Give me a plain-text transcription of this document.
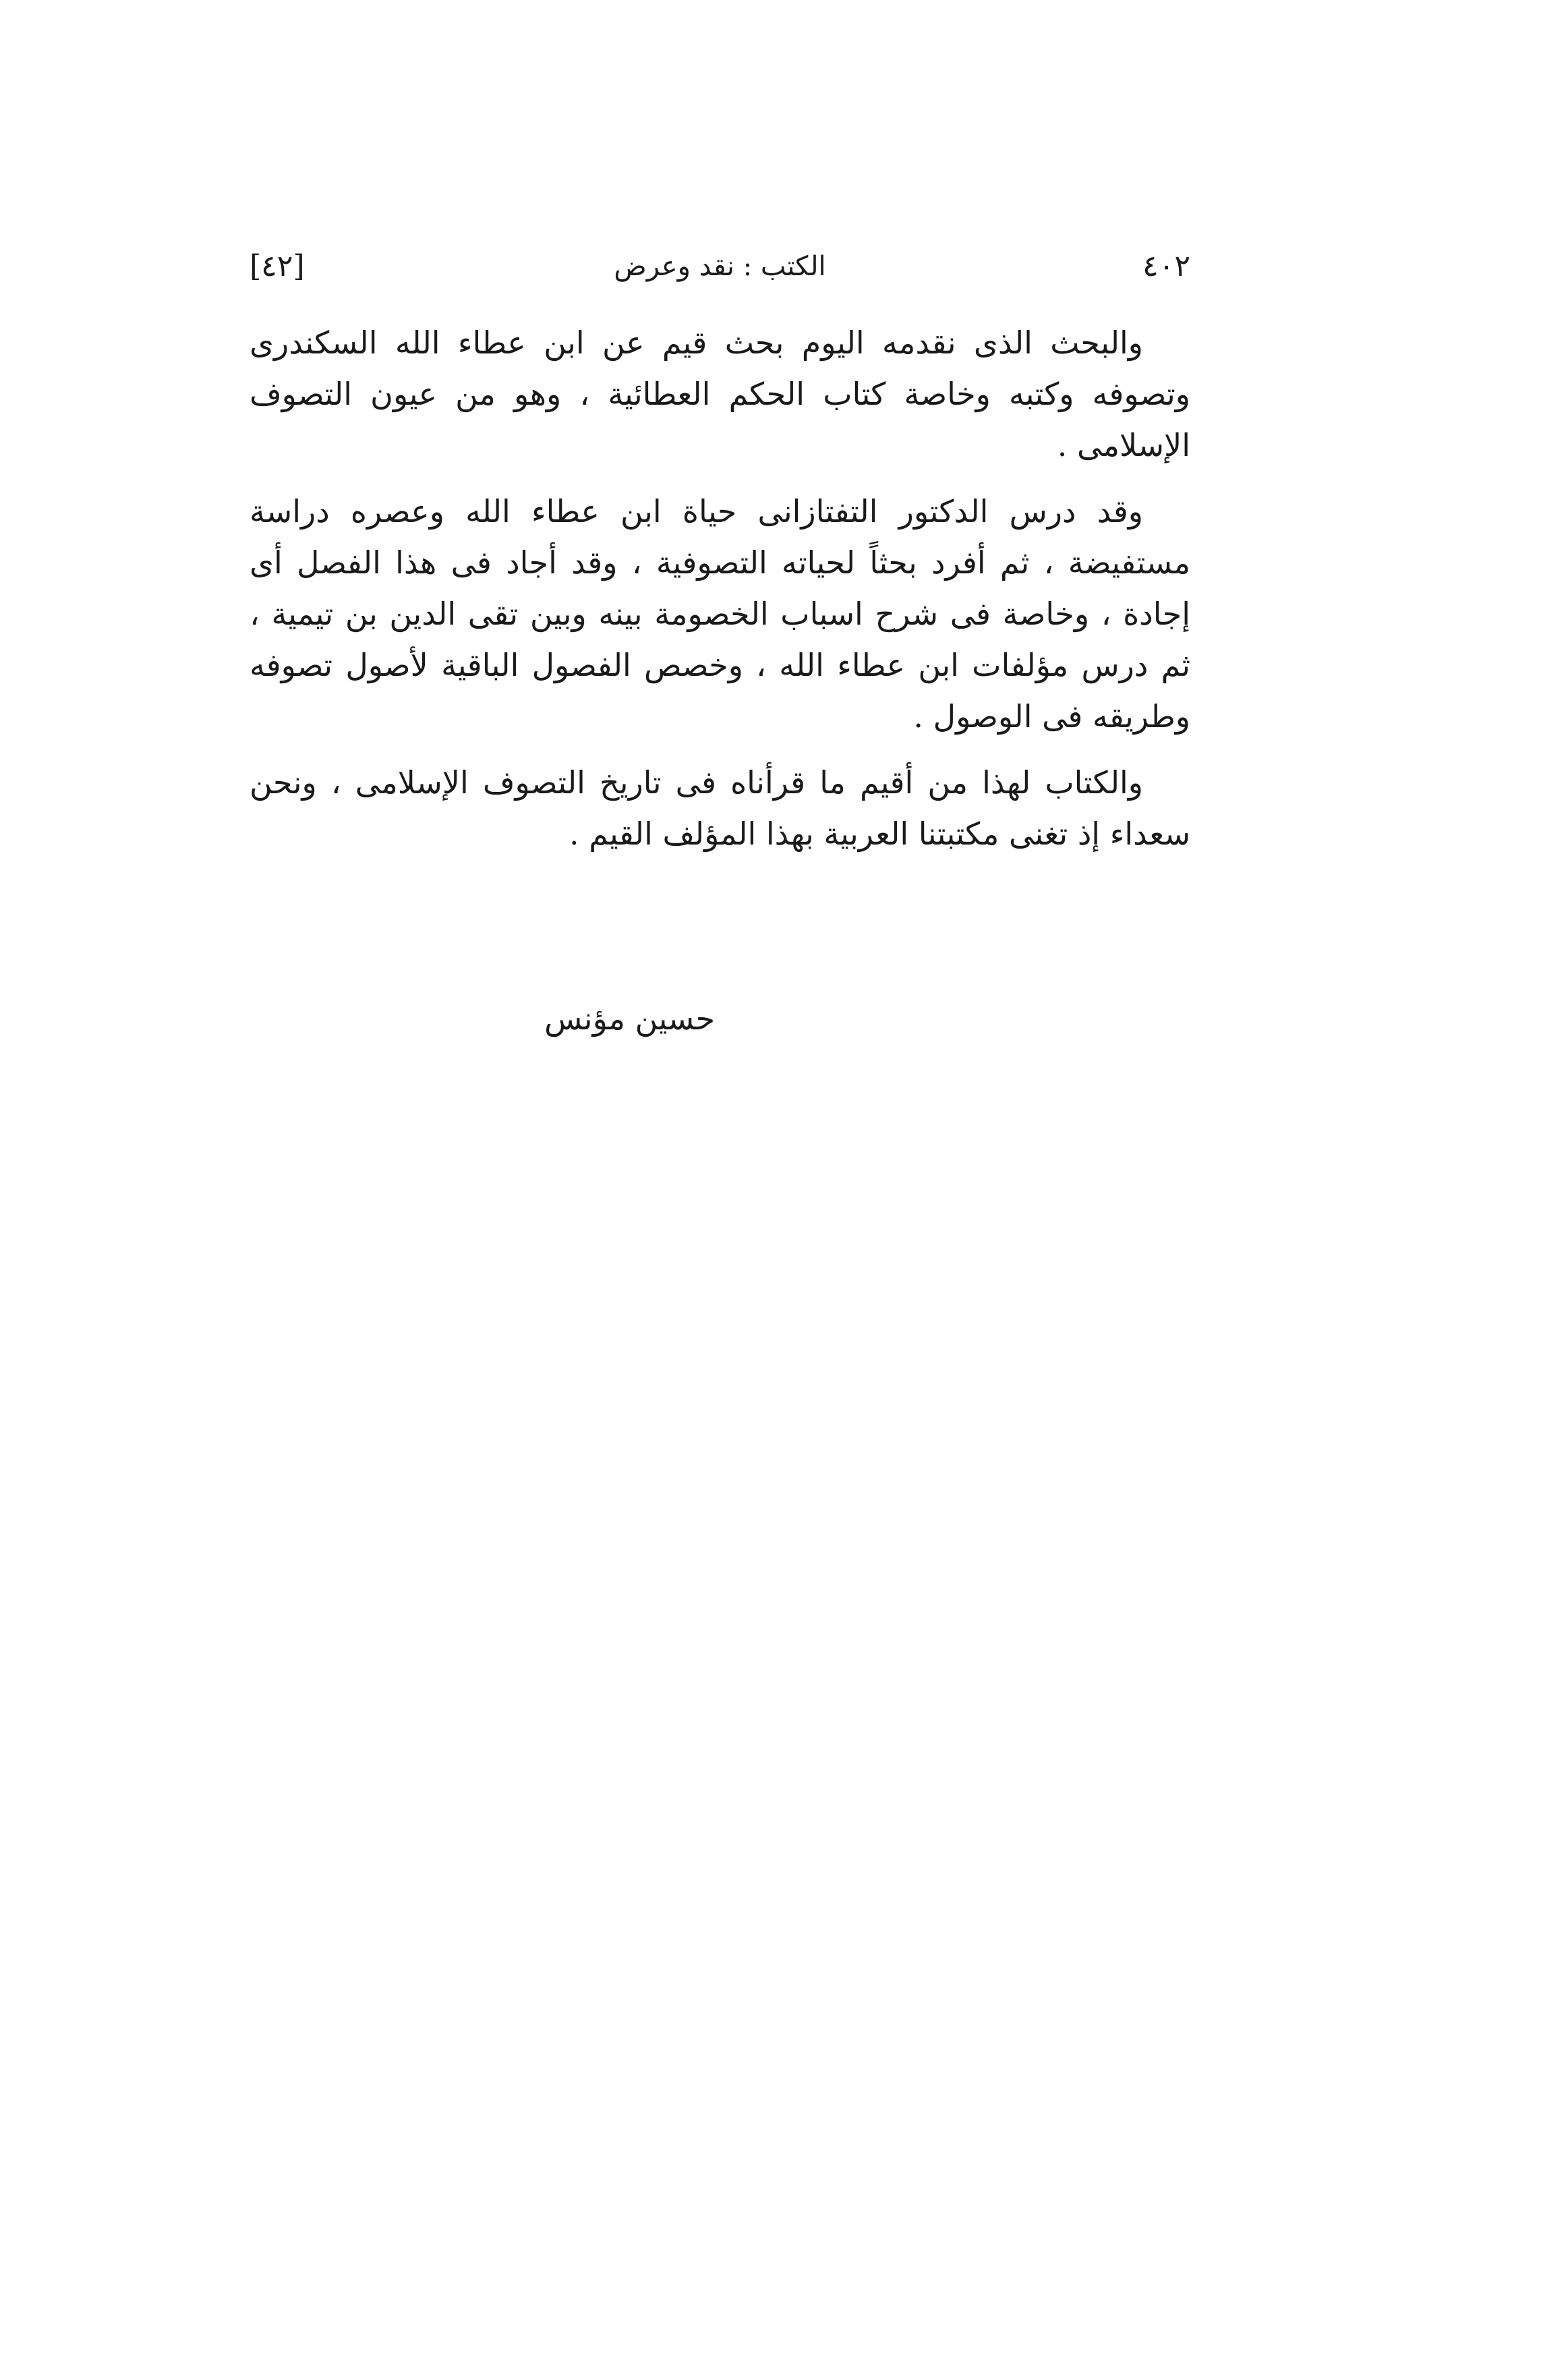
[٤٢]	الكتب : نقد وعرض	٤٠٢

والبحث الذى نقدمه اليوم بحث قيم عن ابن عطاء الله السكندرى وتصوفه وكتبه وخاصة كتاب الحكم العطائية ، وهو من عيون التصوف الإسلامى .

وقد درس الدكتور التفتازانى حياة ابن عطاء الله وعصره دراسة مستفيضة ، ثم أفرد بحثاً لحياته التصوفية ، وقد أجاد فى هذا الفصل أى إجادة ، وخاصة فى شرح اسباب الخصومة بينه وبين تقى الدين بن تيمية ، ثم درس مؤلفات ابن عطاء الله ، وخصص الفصول الباقية لأصول تصوفه وطريقه فى الوصول .

والكتاب لهذا من أقيم ما قرأناه فى تاريخ التصوف الإسلامى ، ونحن سعداء إذ تغنى مكتبتنا العربية بهذا المؤلف القيم .

حسين مؤنس
